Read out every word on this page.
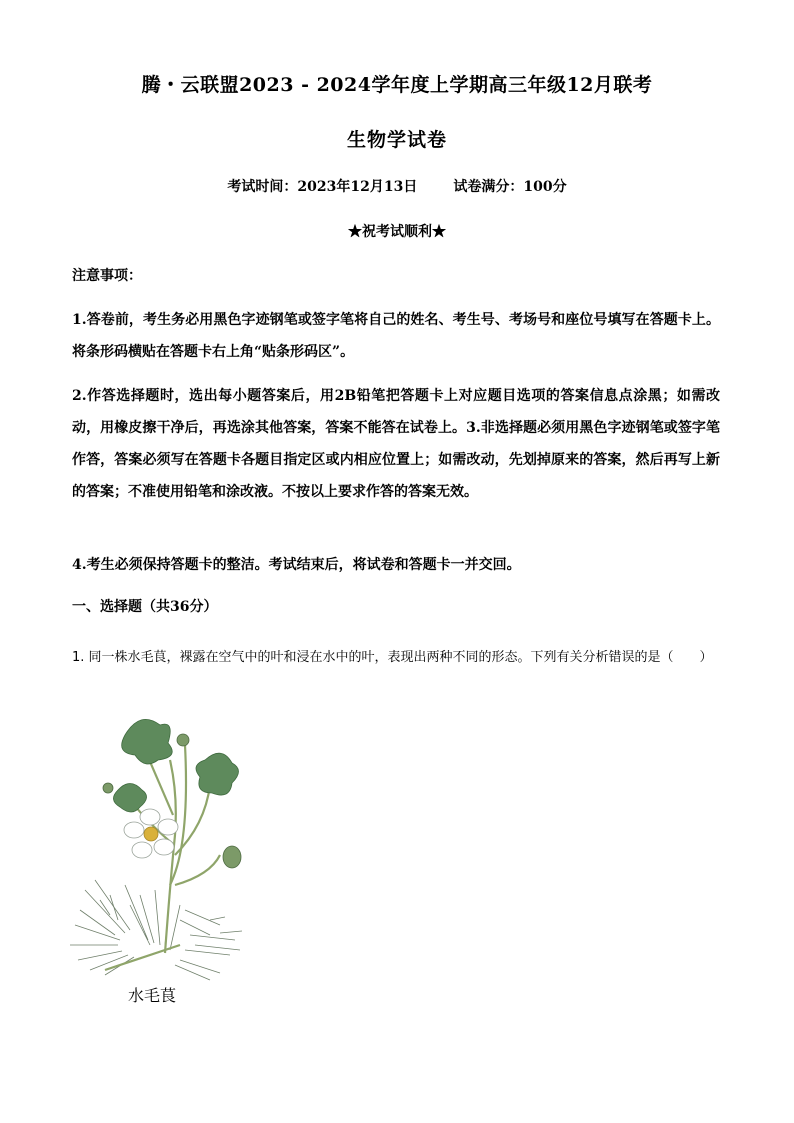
腾・云联盟2023 - 2024学年度上学期高三年级12月联考
生物学试卷
考试时间：2023年12月13日	试卷满分：100分
★祝考试顺利★
注意事项：
1.答卷前，考生务必用黑色字迹钢笔或签字笔将自己的姓名、考生号、考场号和座位号填写在答题卡上。将条形码横贴在答题卡右上角“贴条形码区”。
2.作答选择题时，选出每小题答案后，用2B铅笔把答题卡上对应题目选项的答案信息点涂黑；如需改动，用橡皮擦干净后，再选涂其他答案，答案不能答在试卷上。3.非选择题必须用黑色字迹钢笔或签字笔作答，答案必须写在答题卡各题目指定区或内相应位置上；如需改动，先划掉原来的答案，然后再写上新的答案；不准使用铅笔和涂改液。不按以上要求作答的答案无效。
4.考生必须保持答题卡的整洁。考试结束后，将试卷和答题卡一并交回。
一、选择题（共36分）
1. 同一株水毛茛，裸露在空气中的叶和浸在水中的叶，表现出两种不同的形态。下列有关分析错误的是（　　）
水毛茛
